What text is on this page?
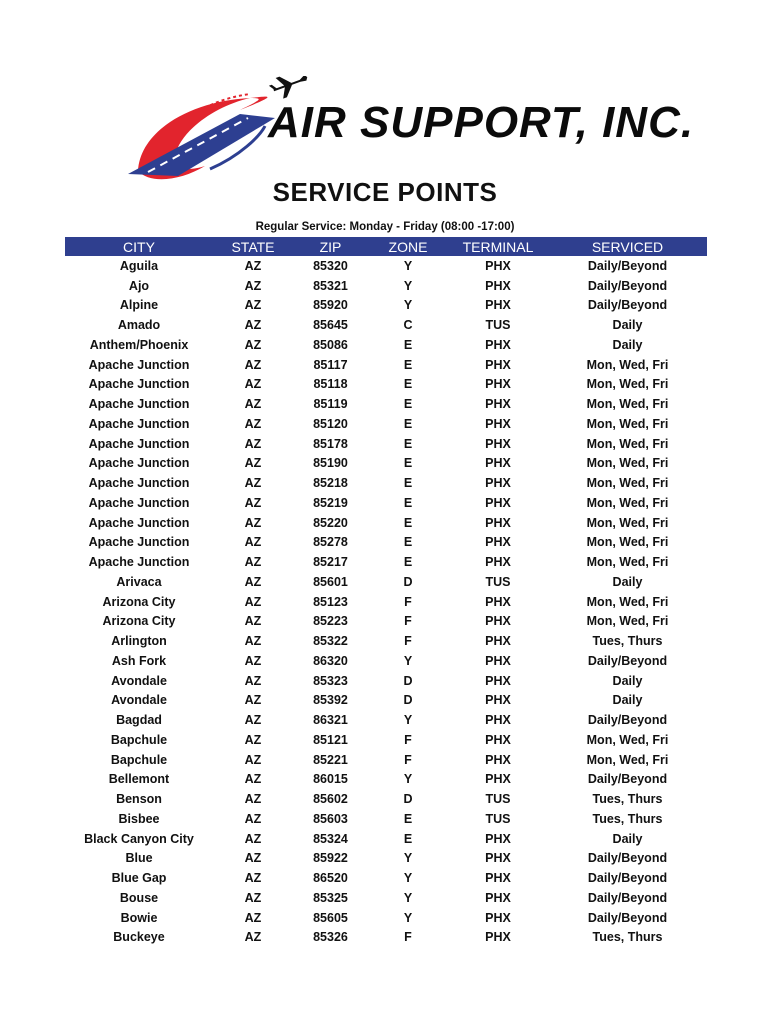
AIR SUPPORT, INC.
SERVICE POINTS
Regular Service: Monday - Friday (08:00 -17:00)
CITY	STATE	ZIP	ZONE	TERMINAL	SERVICED
Aguila	AZ	85320	Y	PHX	Daily/Beyond
Ajo	AZ	85321	Y	PHX	Daily/Beyond
Alpine	AZ	85920	Y	PHX	Daily/Beyond
Amado	AZ	85645	C	TUS	Daily
Anthem/Phoenix	AZ	85086	E	PHX	Daily
Apache Junction	AZ	85117	E	PHX	Mon, Wed, Fri
Apache Junction	AZ	85118	E	PHX	Mon, Wed, Fri
Apache Junction	AZ	85119	E	PHX	Mon, Wed, Fri
Apache Junction	AZ	85120	E	PHX	Mon, Wed, Fri
Apache Junction	AZ	85178	E	PHX	Mon, Wed, Fri
Apache Junction	AZ	85190	E	PHX	Mon, Wed, Fri
Apache Junction	AZ	85218	E	PHX	Mon, Wed, Fri
Apache Junction	AZ	85219	E	PHX	Mon, Wed, Fri
Apache Junction	AZ	85220	E	PHX	Mon, Wed, Fri
Apache Junction	AZ	85278	E	PHX	Mon, Wed, Fri
Apache Junction	AZ	85217	E	PHX	Mon, Wed, Fri
Arivaca	AZ	85601	D	TUS	Daily
Arizona City	AZ	85123	F	PHX	Mon, Wed, Fri
Arizona City	AZ	85223	F	PHX	Mon, Wed, Fri
Arlington	AZ	85322	F	PHX	Tues, Thurs
Ash Fork	AZ	86320	Y	PHX	Daily/Beyond
Avondale	AZ	85323	D	PHX	Daily
Avondale	AZ	85392	D	PHX	Daily
Bagdad	AZ	86321	Y	PHX	Daily/Beyond
Bapchule	AZ	85121	F	PHX	Mon, Wed, Fri
Bapchule	AZ	85221	F	PHX	Mon, Wed, Fri
Bellemont	AZ	86015	Y	PHX	Daily/Beyond
Benson	AZ	85602	D	TUS	Tues, Thurs
Bisbee	AZ	85603	E	TUS	Tues, Thurs
Black Canyon City	AZ	85324	E	PHX	Daily
Blue	AZ	85922	Y	PHX	Daily/Beyond
Blue Gap	AZ	86520	Y	PHX	Daily/Beyond
Bouse	AZ	85325	Y	PHX	Daily/Beyond
Bowie	AZ	85605	Y	PHX	Daily/Beyond
Buckeye	AZ	85326	F	PHX	Tues, Thurs
